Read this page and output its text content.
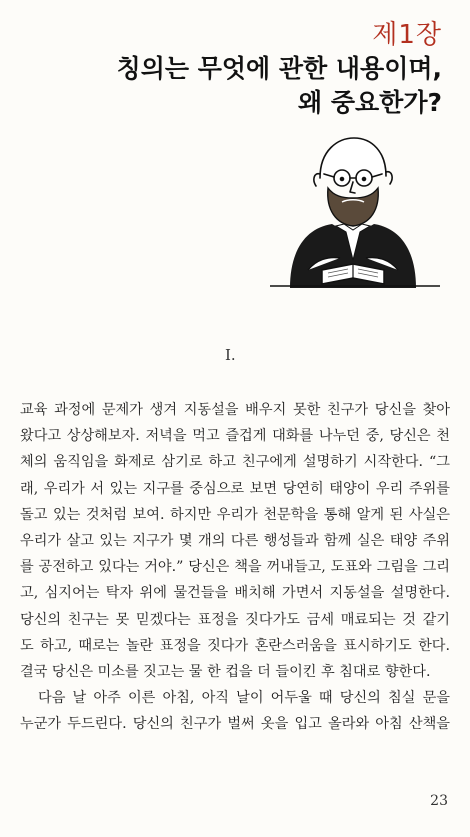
제1장
칭의는 무엇에 관한 내용이며,
왜 중요한가?
I.

교육 과정에 문제가 생겨 지동설을 배우지 못한 친구가 당신을 찾아
왔다고 상상해보자. 저녁을 먹고 즐겁게 대화를 나누던 중, 당신은 천
체의 움직임을 화제로 삼기로 하고 친구에게 설명하기 시작한다. “그
래, 우리가 서 있는 지구를 중심으로 보면 당연히 태양이 우리 주위를
돌고 있는 것처럼 보여. 하지만 우리가 천문학을 통해 알게 된 사실은
우리가 살고 있는 지구가 몇 개의 다른 행성들과 함께 실은 태양 주위
를 공전하고 있다는 거야.” 당신은 책을 꺼내들고, 도표와 그림을 그리
고, 심지어는 탁자 위에 물건들을 배치해 가면서 지동설을 설명한다.
당신의 친구는 못 믿겠다는 표정을 짓다가도 금세 매료되는 것 같기
도 하고, 때로는 놀란 표정을 짓다가 혼란스러움을 표시하기도 한다.
결국 당신은 미소를 짓고는 물 한 컵을 더 들이킨 후 침대로 향한다.

다음 날 아주 이른 아침, 아직 날이 어두울 때 당신의 침실 문을
누군가 두드린다. 당신의 친구가 벌써 옷을 입고 올라와 아침 산책을

23
